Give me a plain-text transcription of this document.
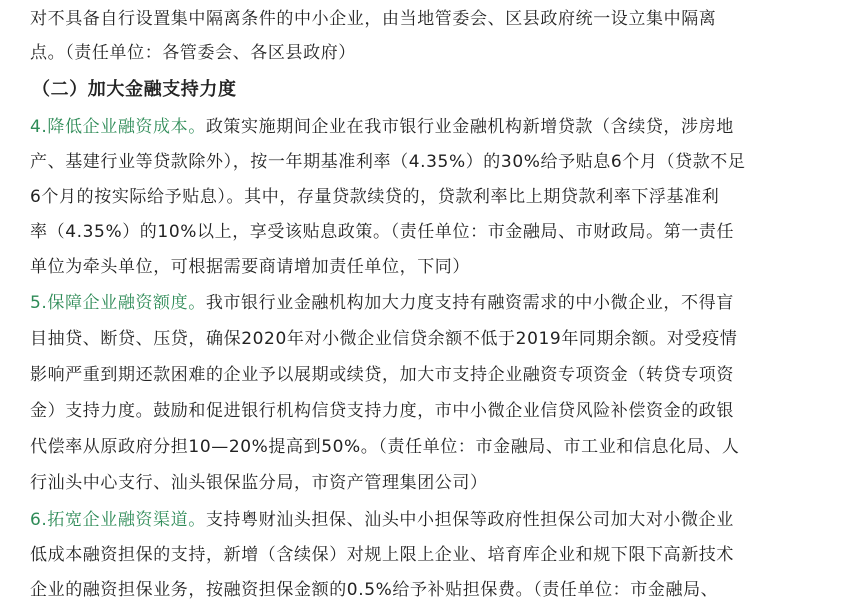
对不具备自行设置集中隔离条件的中小企业，由当地管委会、区县政府统一设立集中隔离
点。（责任单位：各管委会、各区县政府）
（二）加大金融支持力度
4.降低企业融资成本。政策实施期间企业在我市银行业金融机构新增贷款（含续贷，涉房地
产、基建行业等贷款除外），按一年期基准利率（4.35%）的30%给予贴息6个月（贷款不足
6个月的按实际给予贴息）。其中，存量贷款续贷的，贷款利率比上期贷款利率下浮基准利
率（4.35%）的10%以上，享受该贴息政策。（责任单位：市金融局、市财政局。第一责任
单位为牵头单位，可根据需要商请增加责任单位，下同）
5.保障企业融资额度。我市银行业金融机构加大力度支持有融资需求的中小微企业，不得盲
目抽贷、断贷、压贷，确保2020年对小微企业信贷余额不低于2019年同期余额。对受疫情
影响严重到期还款困难的企业予以展期或续贷，加大市支持企业融资专项资金（转贷专项资
金）支持力度。鼓励和促进银行机构信贷支持力度，市中小微企业信贷风险补偿资金的政银
代偿率从原政府分担10—20%提高到50%。（责任单位：市金融局、市工业和信息化局、人
行汕头中心支行、汕头银保监分局，市资产管理集团公司）
6.拓宽企业融资渠道。支持粤财汕头担保、汕头中小担保等政府性担保公司加大对小微企业
低成本融资担保的支持，新增（含续保）对规上限上企业、培育库企业和规下限下高新技术
企业的融资担保业务，按融资担保金额的0.5%给予补贴担保费。（责任单位：市金融局、
